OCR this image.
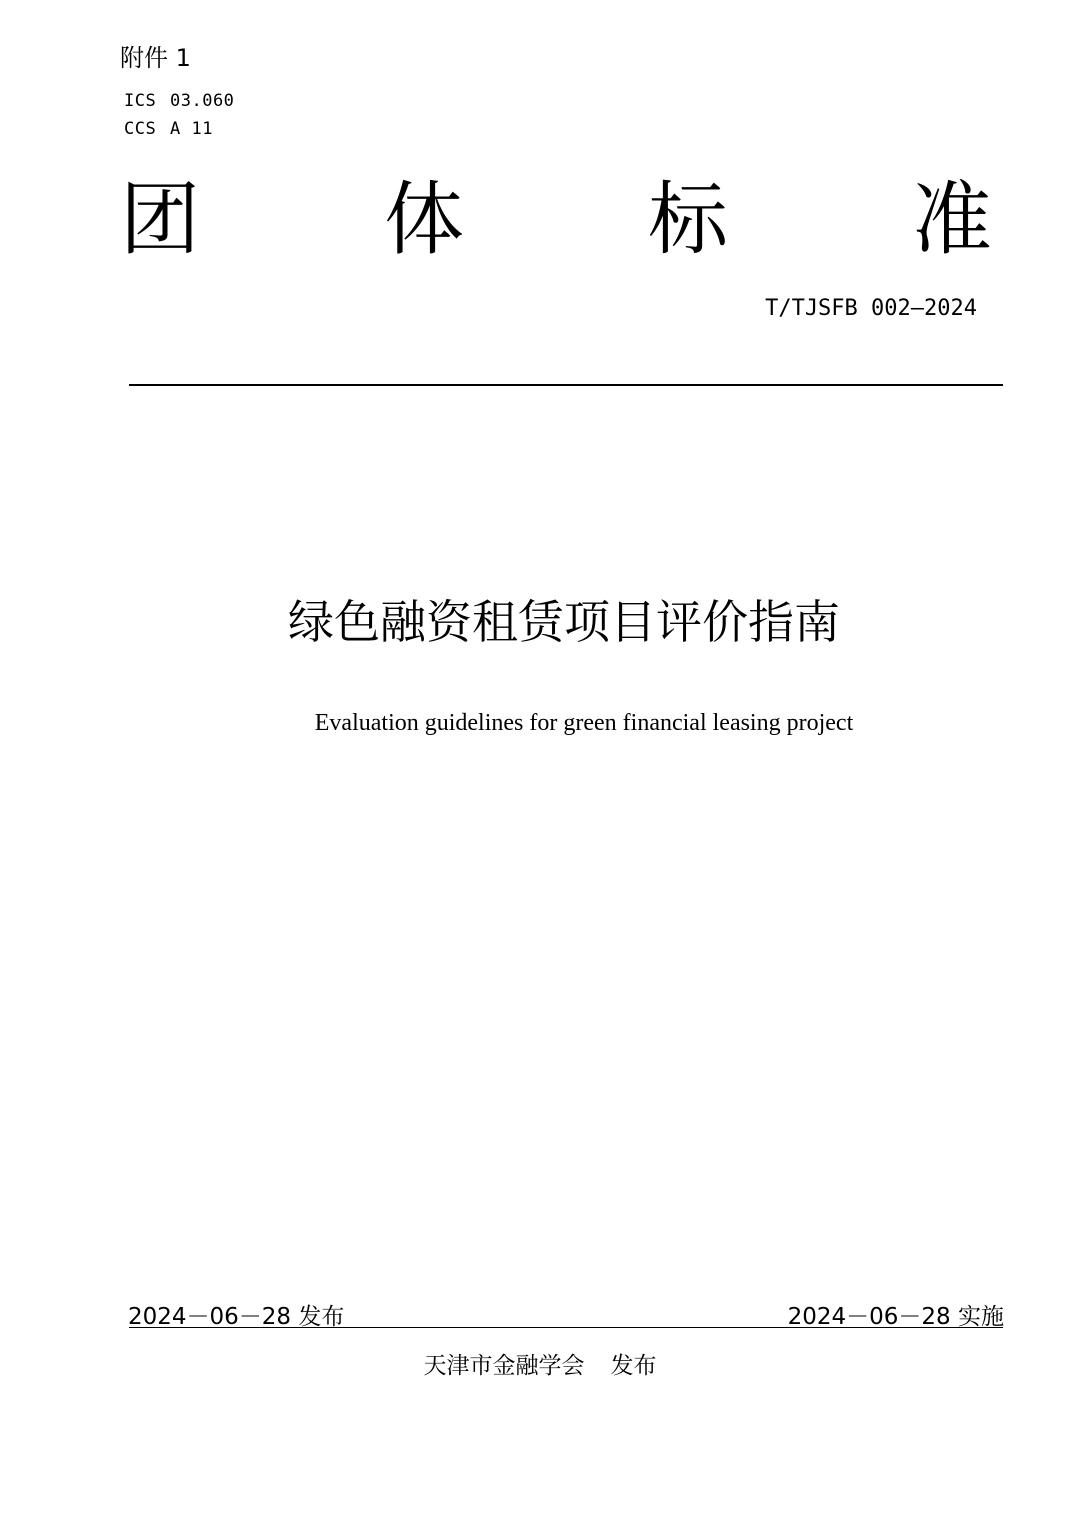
附件 1
ICS 03.060
CCS A 11
团 体 标 准
T/TJSFB 002—2024
绿色融资租赁项目评价指南
Evaluation guidelines for green financial leasing project
2024－06－28 发布	2024－06－28 实施
天津市金融学会 发布
